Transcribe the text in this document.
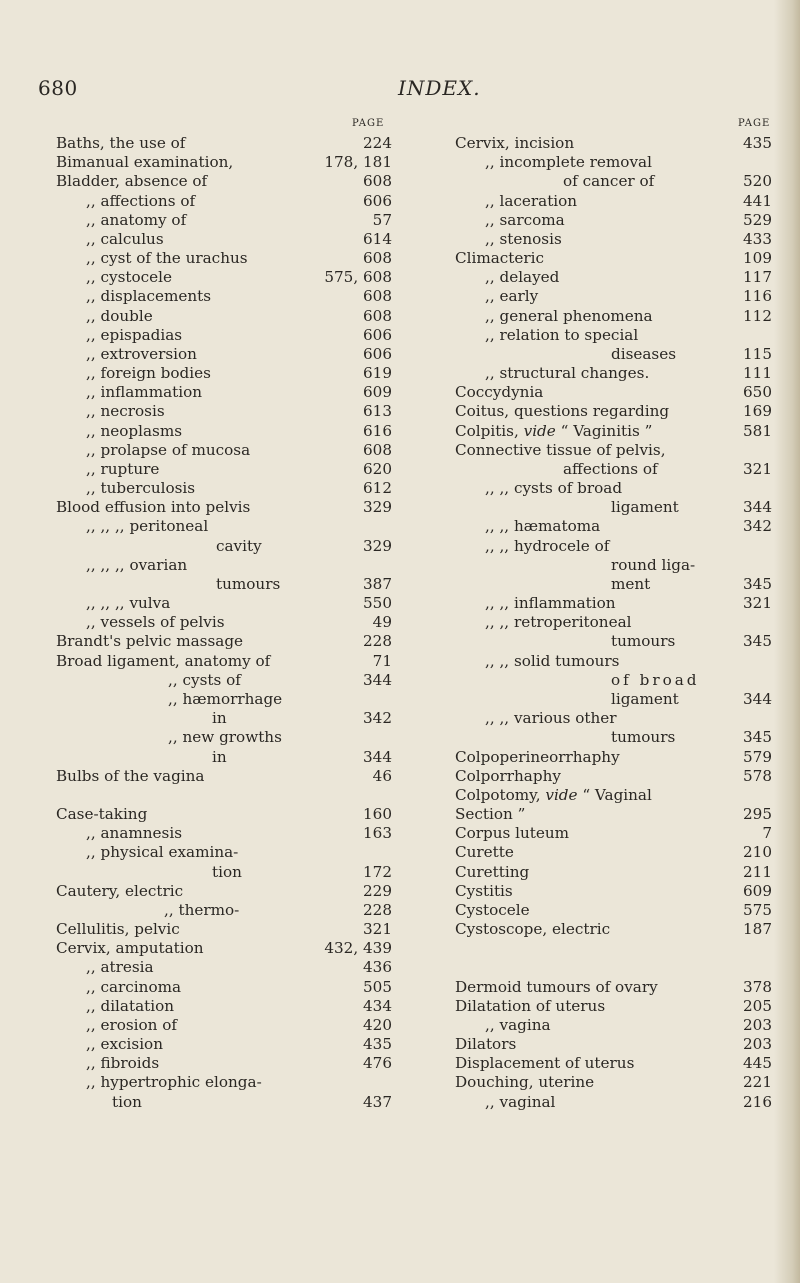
680	INDEX.
PAGE	PAGE
Baths, the use of	224
Bimanual examination,	178, 181
Bladder, absence of	608
,, affections of	606
,, anatomy of	57
,, calculus	614
,, cyst of the urachus	608
,, cystocele	575, 608
,, displacements	608
,, double	608
,, epispadias	606
,, extroversion	606
,, foreign bodies	619
,, inflammation	609
,, necrosis	613
,, neoplasms	616
,, prolapse of mucosa	608
,, rupture	620
,, tuberculosis	612
Blood effusion into pelvis	329
,, ,, ,, peritoneal
cavity	329
,, ,, ,, ovarian
tumours	387
,, ,, ,, vulva	550
,, vessels of pelvis	49
Brandt's pelvic massage	228
Broad ligament, anatomy of	71
,, cysts of	344
,, hæmorrhage
in	342
,, new growths
in	344
Bulbs of the vagina	46
Case-taking	160
,, anamnesis	163
,, physical examina-
tion	172
Cautery, electric	229
,, thermo-	228
Cellulitis, pelvic	321
Cervix, amputation	432, 439
,, atresia	436
,, carcinoma	505
,, dilatation	434
,, erosion of	420
,, excision	435
,, fibroids	476
,, hypertrophic elonga-
tion	437
Cervix, incision	435
,, incomplete removal
of cancer of	520
,, laceration	441
,, sarcoma	529
,, stenosis	433
Climacteric	109
,, delayed	117
,, early	116
,, general phenomena	112
,, relation to special
diseases	115
,, structural changes.	111
Coccydynia	650
Coitus, questions regarding	169
Colpitis, vide “ Vaginitis ”	581
Connective tissue of pelvis,
affections of	321
,, ,, cysts of broad
ligament	344
,, ,, hæmatoma	342
,, ,, hydrocele of
round liga-
ment	345
,, ,, inflammation	321
,, ,, retroperitoneal
tumours	345
,, ,, solid tumours
of broad
ligament	344
,, ,, various other
tumours	345
Colpoperineorrhaphy	579
Colporrhaphy	578
Colpotomy, vide “ Vaginal
Section ”	295
Corpus luteum	7
Curette	210
Curetting	211
Cystitis	609
Cystocele	575
Cystoscope, electric	187
Dermoid tumours of ovary	378
Dilatation of uterus	205
,, vagina	203
Dilators	203
Displacement of uterus	445
Douching, uterine	221
,, vaginal	216
